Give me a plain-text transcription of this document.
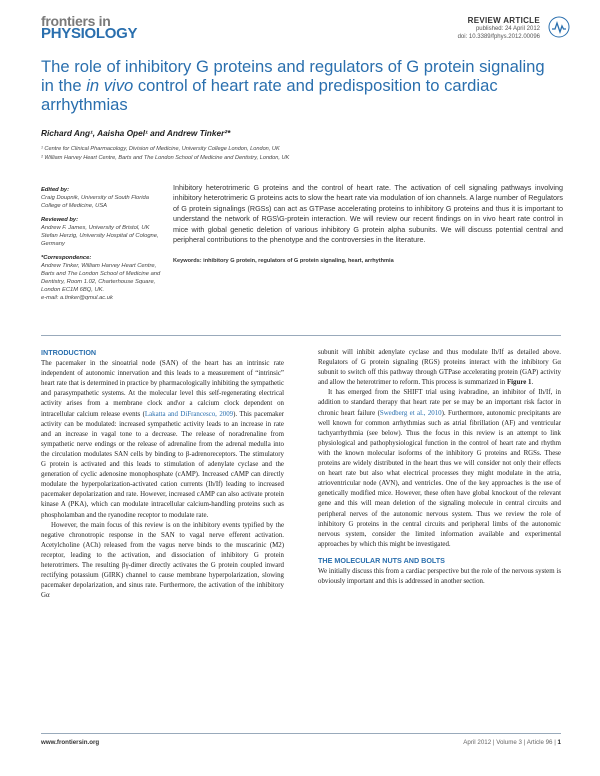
frontiers in
PHYSIOLOGY
REVIEW ARTICLE
published: 24 April 2012
doi: 10.3389/fphys.2012.00096
The role of inhibitory G proteins and regulators of G protein signaling in the in vivo control of heart rate and predisposition to cardiac arrhythmias
Richard Ang¹, Aaisha Opel¹ and Andrew Tinker²*
¹ Centre for Clinical Pharmacology, Division of Medicine, University College London, London, UK
² William Harvey Heart Centre, Barts and The London School of Medicine and Dentistry, London, UK
Edited by:
Craig Doupnik, University of South Florida College of Medicine, USA
Reviewed by:
Andrew F. James, University of Bristol, UK
Stefan Herzig, University Hospital of Cologne, Germany
*Correspondence:
Andrew Tinker, William Harvey Heart Centre, Barts and The London School of Medicine and Dentistry, Room 1.02, Charterhouse Square, London EC1M 6BQ, UK.
e-mail: a.tinker@qmul.ac.uk
Inhibitory heterotrimeric G proteins and the control of heart rate. The activation of cell signaling pathways involving inhibitory heterotrimeric G proteins acts to slow the heart rate via modulation of ion channels. A large number of Regulators of G protein signalings (RGSs) can act as GTPase accelerating proteins to inhibitory G proteins and thus it is important to understand the network of RGS\G-protein interaction. We will review our recent findings on in vivo heart rate control in mice with global genetic deletion of various inhibitory G protein alpha subunits. We will discuss potential central and peripheral contributions to the phenotype and the controversies in the literature.
Keywords: inhibitory G protein, regulators of G protein signaling, heart, arrhythmia
INTRODUCTION

The pacemaker in the sinoatrial node (SAN) of the heart has an intrinsic rate independent of autonomic innervation and this leads to a measurement of “intrinsic” heart rate that is determined in practice by pharmacologically inhibiting the sympathetic and parasympathetic systems. At the molecular level this self-regenerating electrical activity arises from a membrane clock and\or a calcium clock dependent on intracellular calcium release events (Lakatta and DiFrancesco, 2009). This pacemaker activity can be modulated: increased sympathetic activity leads to an increase in rate and an increase in vagal tone to a decrease. The release of noradrenaline from sympathetic nerve endings or the release of adrenaline from the adrenal medulla into the circulation modulates SAN cells by binding to β-adrenoreceptors. The stimulatory G protein is activated and this leads to stimulation of adenylate cyclase and the generation of cyclic adenosine monophosphate (cAMP). Increased cAMP can directly modulate the hyperpolarization-activated cation currents (Ih/If) leading to increased pacemaker depolarization and rate. However, increased cAMP can also activate protein kinase A (PKA), which can modulate intracellular calcium-handling proteins such as phospholamban and the ryanodine receptor to modulate rate.

However, the main focus of this review is on the inhibitory events typified by the negative chronotropic response in the SAN to vagal nerve efferent activation. Acetylcholine (ACh) released from the vagus nerve binds to the muscarinic (M2) receptor, leading to the activation, and dissociation of inhibitory G protein heterotrimers. The resulting βγ-dimer directly activates the G protein coupled inward rectifying potassium (GIRK) channel to cause membrane hyperpolarization, slowing pacemaker depolarization, and sinus rate. Furthermore, the activation of the inhibitory Gα

subunit will inhibit adenylate cyclase and thus modulate Ih/If as detailed above. Regulators of G protein signaling (RGS) proteins interact with the inhibitory Gα subunit to switch off this pathway through GTPase accelerating protein (GAP) activity and allow the heterotrimer to reform. This process is summarized in Figure 1.

It has emerged from the SHIFT trial using ivabradine, an inhibitor of Ih/If, in addition to standard therapy that heart rate per se may be an important risk factor in chronic heart failure (Swedberg et al., 2010). Furthermore, autonomic precipitants are well known for common arrhythmias such as atrial fibrillation (AF) and ventricular tachyarrhythmia (see below). Thus the focus in this review is an attempt to link physiological and pathophysiological function in the control of heart rate and rhythm with the known molecular isoforms of the inhibitory G proteins and RGSs. These proteins are widely distributed in the heart thus we will consider not only their effects on heart rate but also what electrical processes they might modulate in the atria, atrioventricular node (AVN), and ventricles. One of the key approaches is the use of genetically modified mice. However, these often have global knockout of the relevant gene and this will mean deletion of the signaling molecule in central circuits and peripheral nerves of the autonomic nervous system. Thus we review the role of inhibitory G proteins in the central circuits and peripheral limbs of the autonomic nervous system, consider the limited information available and experimental approaches by which this might be investigated.

THE MOLECULAR NUTS AND BOLTS

We initially discuss this from a cardiac perspective but the role of the nervous system is obviously important and this is addressed in another section.

www.frontiersin.org	April 2012 | Volume 3 | Article 96 | 1
